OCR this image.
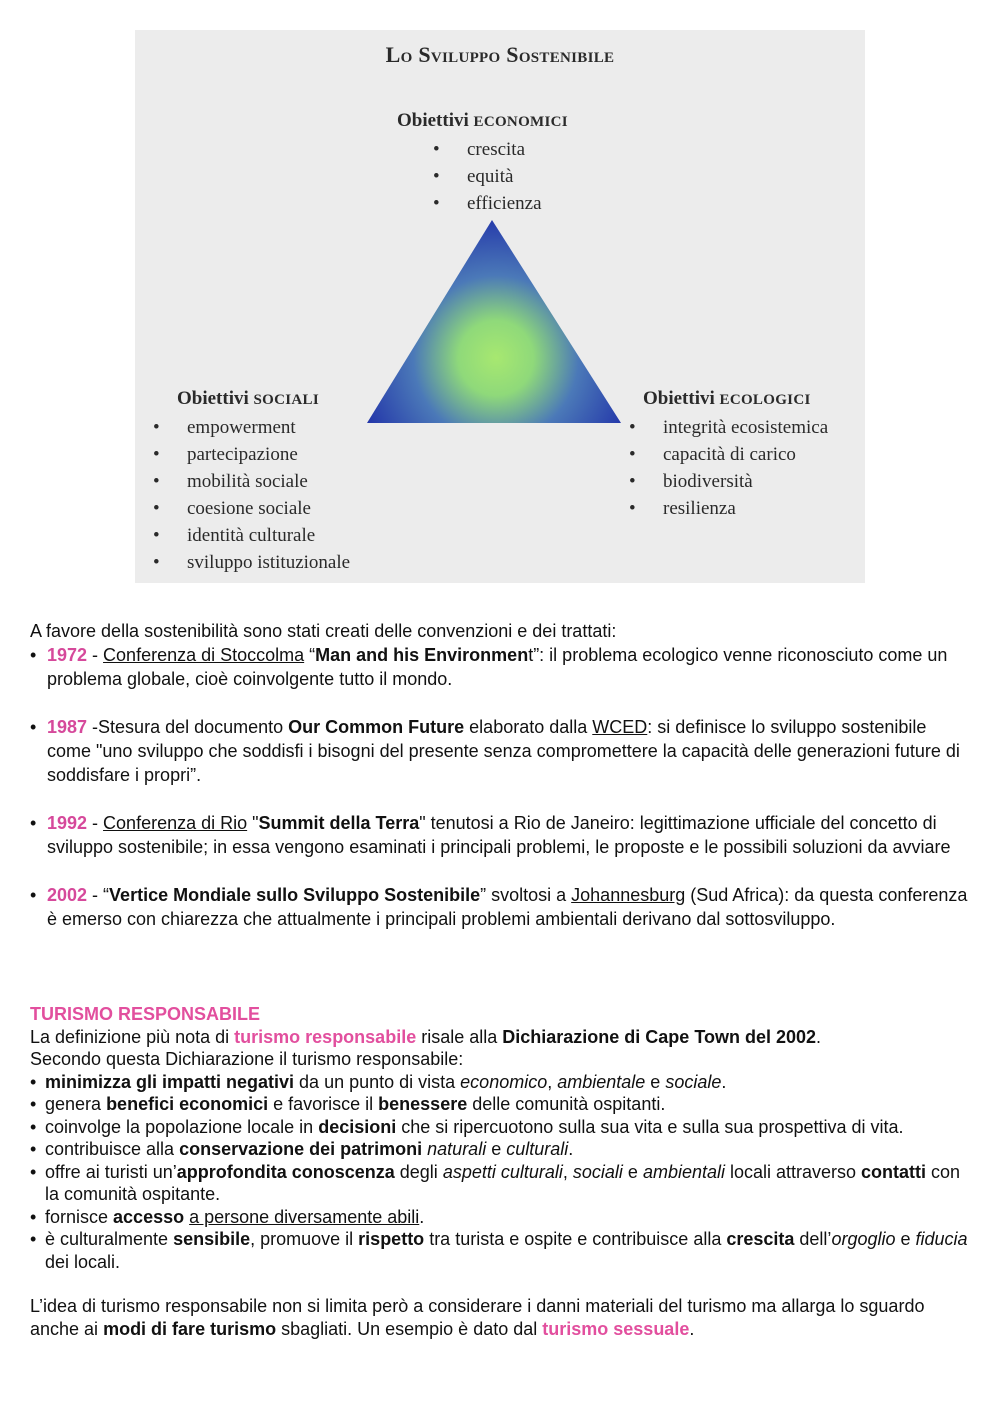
Lo Sviluppo Sostenibile
Obiettivi ECONOMICI
• crescita
• equità
• efficienza
Obiettivi SOCIALI
• empowerment
• partecipazione
• mobilità sociale
• coesione sociale
• identità culturale
• sviluppo istituzionale
Obiettivi ECOLOGICI
• integrità ecosistemica
• capacità di carico
• biodiversità
• resilienza
A favore della sostenibilità sono stati creati delle convenzioni e dei trattati:
• 1972 - Conferenza di Stoccolma “Man and his Environment”: il problema ecologico venne riconosciuto come un problema globale, cioè coinvolgente tutto il mondo.
• 1987 -Stesura del documento Our Common Future elaborato dalla WCED: si definisce lo sviluppo sostenibile come "uno sviluppo che soddisfi i bisogni del presente senza compromettere la capacità delle generazioni future di soddisfare i propri”.
• 1992 - Conferenza di Rio "Summit della Terra" tenutosi a Rio de Janeiro: legittimazione ufficiale del concetto di sviluppo sostenibile; in essa vengono esaminati i principali problemi, le proposte e le possibili soluzioni da avviare
• 2002 - “Vertice Mondiale sullo Sviluppo Sostenibile” svoltosi a Johannesburg (Sud Africa): da questa conferenza è emerso con chiarezza che attualmente i principali problemi ambientali derivano dal sottosviluppo.
TURISMO RESPONSABILE
La definizione più nota di turismo responsabile risale alla Dichiarazione di Cape Town del 2002.
Secondo questa Dichiarazione il turismo responsabile:
• minimizza gli impatti negativi da un punto di vista economico, ambientale e sociale.
• genera benefici economici e favorisce il benessere delle comunità ospitanti.
• coinvolge la popolazione locale in decisioni che si ripercuotono sulla sua vita e sulla sua prospettiva di vita.
• contribuisce alla conservazione dei patrimoni naturali e culturali.
• offre ai turisti un’approfondita conoscenza degli aspetti culturali, sociali e ambientali locali attraverso contatti con la comunità ospitante.
• fornisce accesso a persone diversamente abili.
• è culturalmente sensibile, promuove il rispetto tra turista e ospite e contribuisce alla crescita dell’orgoglio e fiducia dei locali.
L’idea di turismo responsabile non si limita però a considerare i danni materiali del turismo ma allarga lo sguardo anche ai modi di fare turismo sbagliati. Un esempio è dato dal turismo sessuale.
